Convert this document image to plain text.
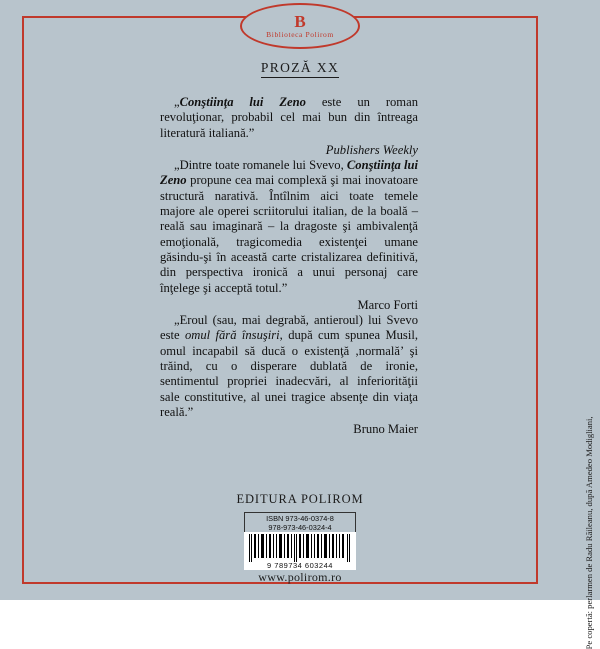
B
Biblioteca Polirom
PROZĂ XX

„Conştiinţa lui Zeno este un roman revoluţionar, probabil cel mai bun din întreaga literatură italiană.”

Publishers Weekly

„Dintre toate romanele lui Svevo, Conştiinţa lui Zeno propune cea mai complexă şi mai inovatoare structură narativă. Întîlnim aici toate temele majore ale operei scriitorului italian, de la boală – reală sau imaginară – la dragoste şi ambivalenţă emoţională, tragicomedia existenţei umane găsindu-şi în această carte cristalizarea definitivă, din perspectiva ironică a unui personaj care înţelege şi acceptă totul.”

Marco Forti

„Eroul (sau, mai degrabă, antieroul) lui Svevo este omul fără însuşiri, după cum spunea Musil, omul incapabil să ducă o existenţă ,normală’ şi trăind, cu o disperare dublată de ironie, sentimentul propriei inadecvări, al inferiorităţii sale constitutive, al unei tragice absenţe din viaţa reală.”

Bruno Maier
EDITURA POLIROM
ISBN 973-46-0374-8
978-973-46-0324-4
9 789734 603244
www.polirom.ro	Pe copertă: perlarmen de Radu Răileanu, după Amedeo Modigliani,
